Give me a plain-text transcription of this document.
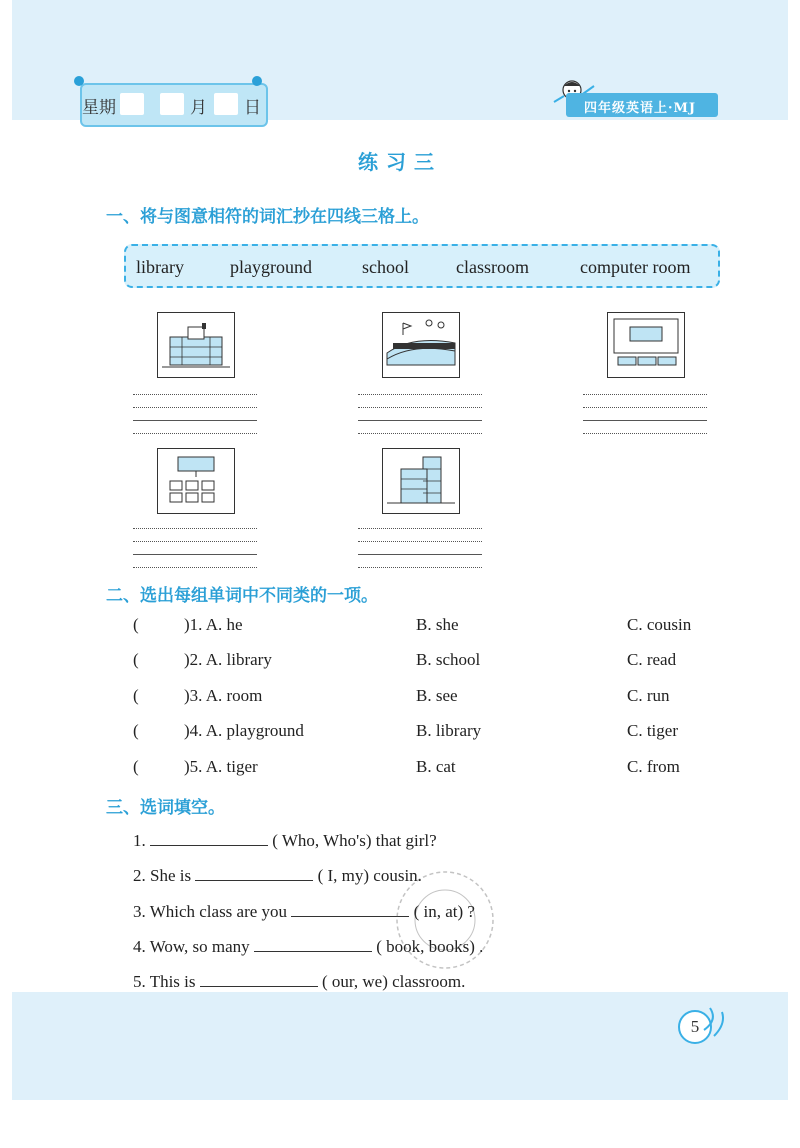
星期	月 日	四年级英语上·MJ
练习三
一、将与图意相符的词汇抄在四线三格上。
library	playground	school	classroom	computer room
二、选出每组单词中不同类的一项。
(	)1. A. he	B. she	C. cousin
(	)2. A. library	B. school	C. read
(	)3. A. room	B. see	C. run
(	)4. A. playground	B. library	C. tiger
(	)5. A. tiger	B. cat	C. from
三、选词填空。
1.	( Who, Who's) that girl?
2. She is	( I, my) cousin.
3. Which class are you	( in, at) ?
4. Wow, so many	( book, books) .
5. This is	( our, we) classroom.
5
